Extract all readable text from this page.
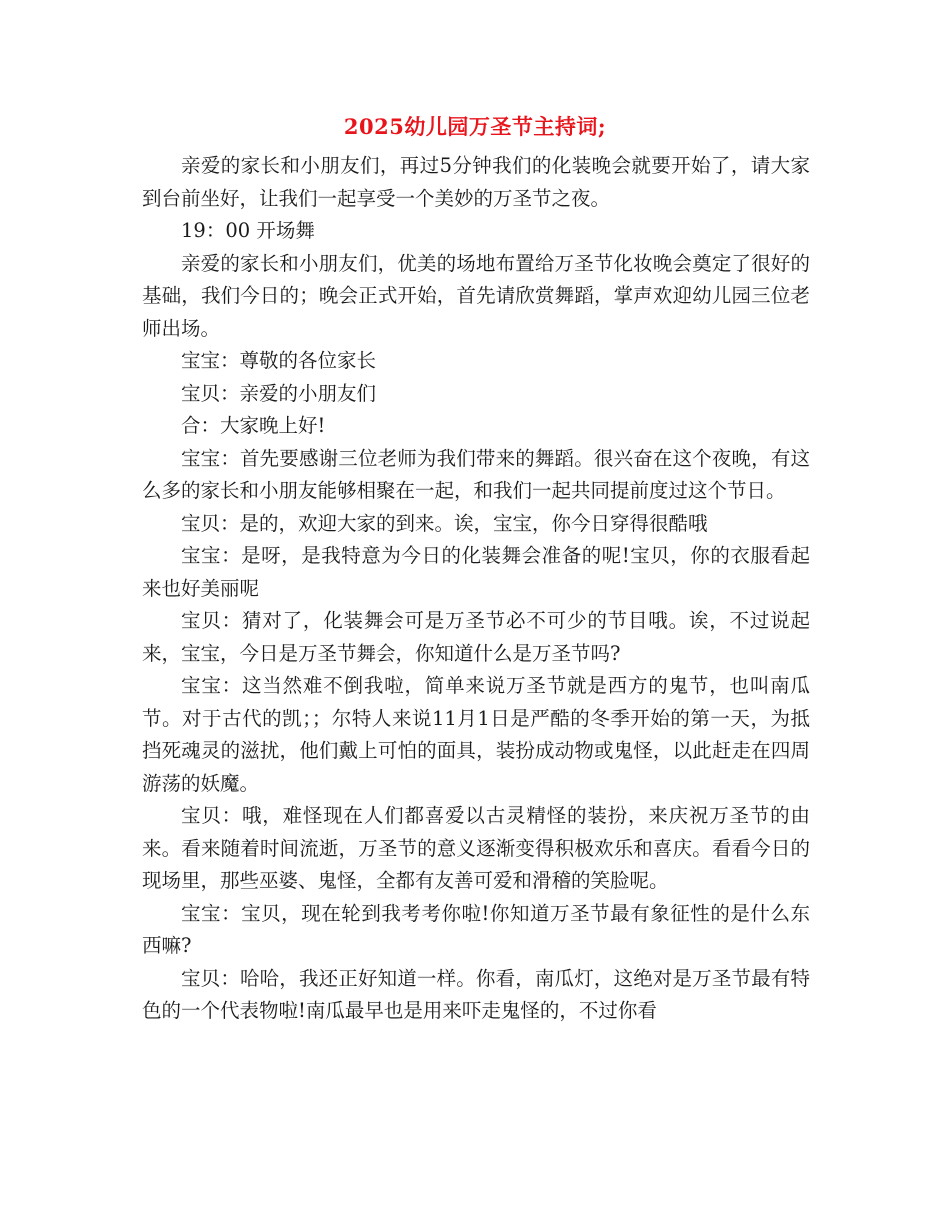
2025幼儿园万圣节主持词;

亲爱的家长和小朋友们，再过5分钟我们的化装晚会就要开始了，请大家到台前坐好，让我们一起享受一个美妙的万圣节之夜。

19：00 开场舞

亲爱的家长和小朋友们，优美的场地布置给万圣节化妆晚会奠定了很好的基础，我们今日的；晚会正式开始，首先请欣赏舞蹈，掌声欢迎幼儿园三位老师出场。

宝宝：尊敬的各位家长

宝贝：亲爱的小朋友们

合：大家晚上好!

宝宝：首先要感谢三位老师为我们带来的舞蹈。很兴奋在这个夜晚，有这么多的家长和小朋友能够相聚在一起，和我们一起共同提前度过这个节日。

宝贝：是的，欢迎大家的到来。诶，宝宝，你今日穿得很酷哦

宝宝：是呀，是我特意为今日的化装舞会准备的呢!宝贝，你的衣服看起来也好美丽呢

宝贝：猜对了，化装舞会可是万圣节必不可少的节目哦。诶，不过说起来，宝宝，今日是万圣节舞会，你知道什么是万圣节吗?

宝宝：这当然难不倒我啦，简单来说万圣节就是西方的鬼节，也叫南瓜节。对于古代的凯；；尔特人来说11月1日是严酷的冬季开始的第一天，为抵挡死魂灵的滋扰，他们戴上可怕的面具，装扮成动物或鬼怪，以此赶走在四周游荡的妖魔。

宝贝：哦，难怪现在人们都喜爱以古灵精怪的装扮，来庆祝万圣节的由来。看来随着时间流逝，万圣节的意义逐渐变得积极欢乐和喜庆。看看今日的现场里，那些巫婆、鬼怪，全都有友善可爱和滑稽的笑脸呢。

宝宝：宝贝，现在轮到我考考你啦!你知道万圣节最有象征性的是什么东西嘛?

宝贝：哈哈，我还正好知道一样。你看，南瓜灯，这绝对是万圣节最有特色的一个代表物啦!南瓜最早也是用来吓走鬼怪的，不过你看
